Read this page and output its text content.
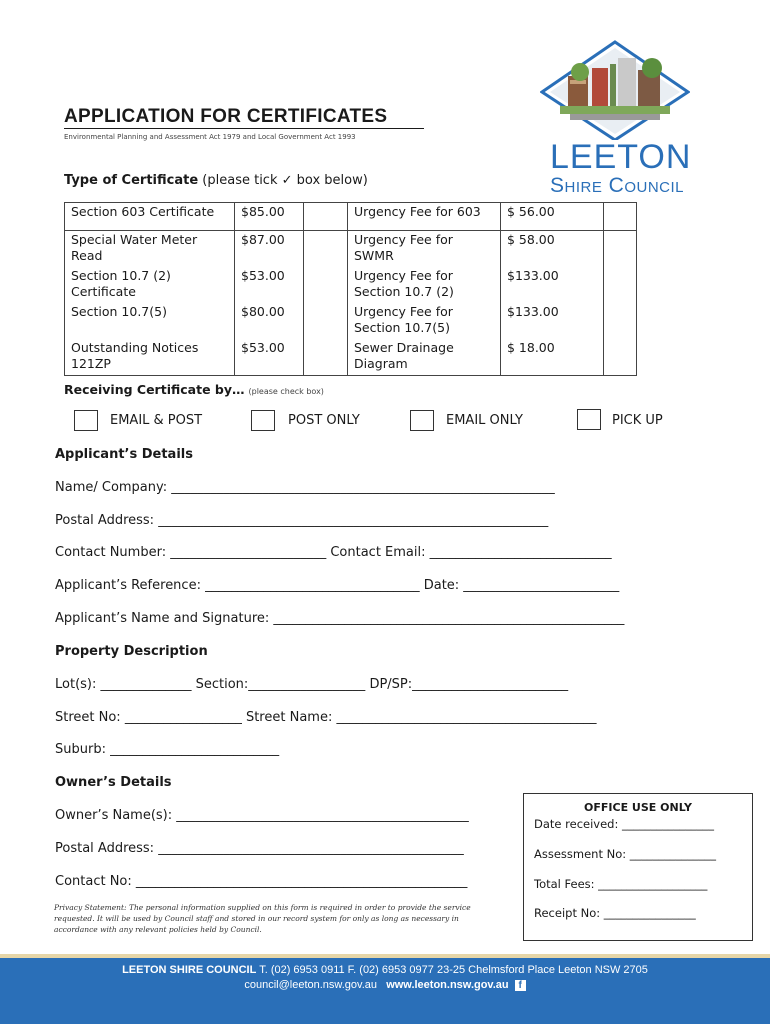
LEETON
Shire Council
APPLICATION FOR CERTIFICATES
Environmental Planning and Assessment Act 1979 and Local Government Act 1993
Type of Certificate (please tick ✓ box below)
Section 603 Certificate	$85.00		Urgency Fee for 603	$ 56.00	
Special Water Meter Read	$87.00		Urgency Fee for SWMR	$ 58.00	
Section 10.7 (2) Certificate	$53.00		Urgency Fee for Section 10.7 (2)	$133.00	
Section 10.7(5)	$80.00		Urgency Fee for Section 10.7(5)	$133.00	
Outstanding Notices 121ZP	$53.00		Sewer Drainage Diagram	$ 18.00	
Receiving Certificate by… (please check box)
EMAIL & POST	POST ONLY	EMAIL ONLY	PICK UP
Applicant’s Details
Name/ Company: ___________________________________________________________
Postal Address: ____________________________________________________________
Contact Number: ________________________ Contact Email: ____________________________
Applicant’s Reference: _________________________________ Date: ________________________
Applicant’s Name and Signature: ______________________________________________________
Property Description
Lot(s): ______________ Section:__________________ DP/SP:________________________
Street No: __________________ Street Name: ________________________________________
Suburb: __________________________
Owner’s Details
Owner’s Name(s): _____________________________________________
Postal Address: _______________________________________________
Contact No: ___________________________________________________
OFFICE USE ONLY
Date received: ________________
Assessment No: _______________
Total Fees: ___________________
Receipt No: ________________
Privacy Statement: The personal information supplied on this form is required in order to provide the service requested. It will be used by Council staff and stored in our record system for only as long as necessary in accordance with any relevant policies held by Council.
LEETON SHIRE COUNCIL T. (02) 6953 0911 F. (02) 6953 0977 23-25 Chelmsford Place Leeton NSW 2705
council@leeton.nsw.gov.au www.leeton.nsw.gov.au f
